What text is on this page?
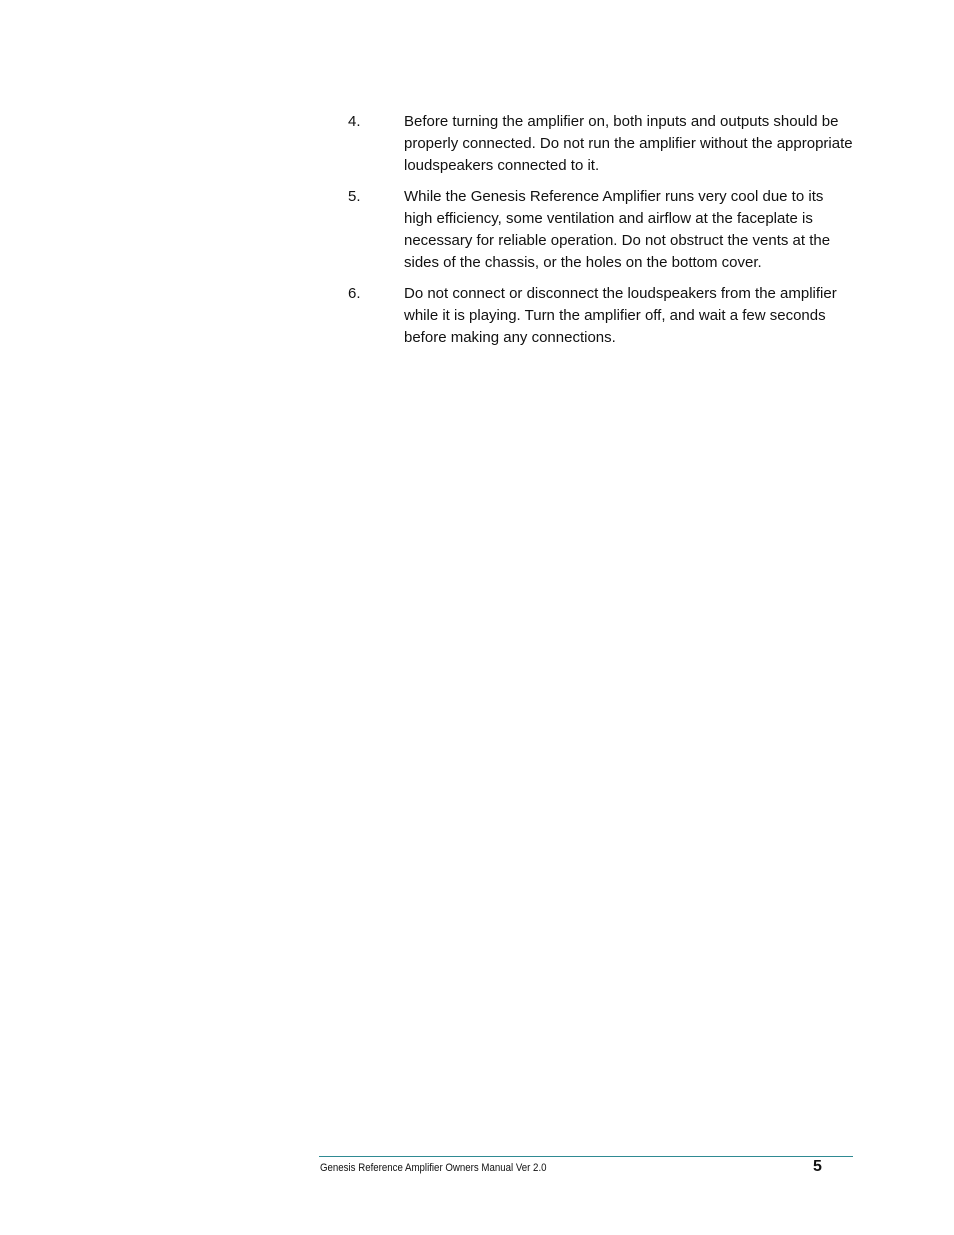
4.	Before turning the amplifier on, both inputs and outputs should be properly connected. Do not run the amplifier without the appropriate loudspeakers connected to it.
5.	While the Genesis Reference Amplifier runs very cool due to its high efficiency, some ventilation and airflow at the faceplate is necessary for reliable operation. Do not obstruct the vents at the sides of the chassis, or the holes on the bottom cover.
6.	Do not connect or disconnect the loudspeakers from the amplifier while it is playing. Turn the amplifier off, and wait a few seconds before making any connections.
Genesis Reference Amplifier Owners Manual Ver 2.0	5
